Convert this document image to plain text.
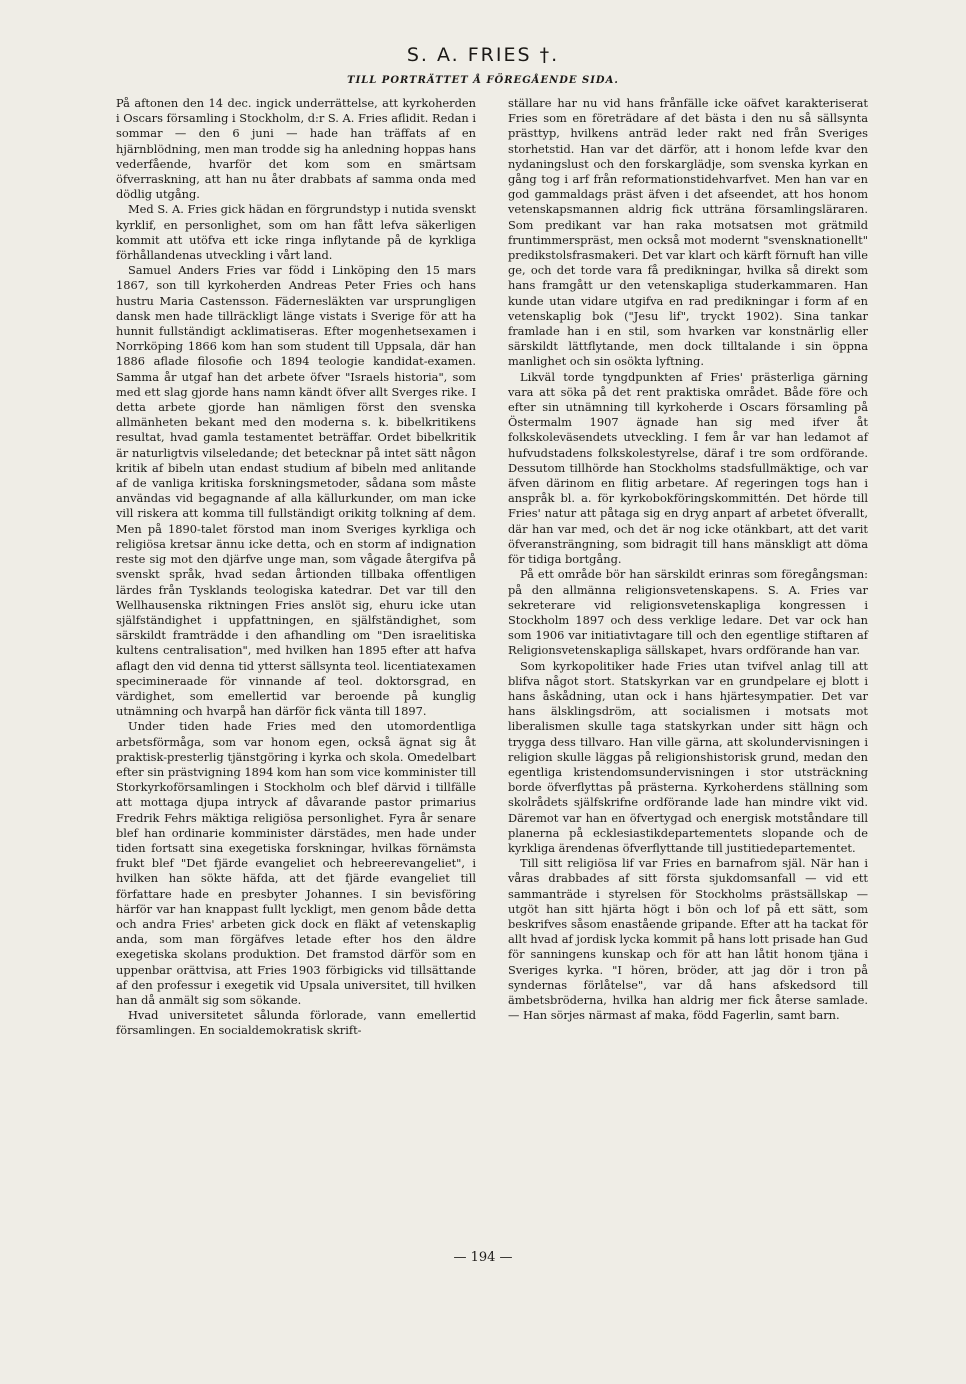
S. A. FRIES †.
TILL PORTRÄTTET Å FÖREGÅENDE SIDA.

På aftonen den 14 dec. ingick underrättelse, att kyrkoherden i Oscars församling i Stockholm, d:r S. A. Fries aflidit. Redan i sommar — den 6 juni — hade han träffats af en hjärnblödning, men man trodde sig ha anledning hoppas hans vederfående, hvarför det kom som en smärtsam öfverraskning, att han nu åter drabbats af samma onda med dödlig utgång.

Med S. A. Fries gick hädan en förgrundstyp i nutida svenskt kyrklif, en personlighet, som om han fått lefva säkerligen kommit att utöfva ett icke ringa inflytande på de kyrkliga förhållandenas utveckling i vårt land.

Samuel Anders Fries var född i Linköping den 15 mars 1867, son till kyrkoherden Andreas Peter Fries och hans hustru Maria Castensson. Fädernesläkten var ursprungligen dansk men hade tillräckligt länge vistats i Sverige för att ha hunnit fullständigt acklimatiseras. Efter mogenhetsexamen i Norrköping 1866 kom han som student till Uppsala, där han 1886 aflade filosofie och 1894 teologie kandidat-examen. Samma år utgaf han det arbete öfver "Israels historia", som med ett slag gjorde hans namn kändt öfver allt Sverges rike. I detta arbete gjorde han nämligen först den svenska allmänheten bekant med den moderna s. k. bibelkritikens resultat, hvad gamla testamentet beträffar. Ordet bibelkritik är naturligtvis vilseledande; det betecknar på intet sätt någon kritik af bibeln utan endast studium af bibeln med anlitande af de vanliga kritiska forskningsmetoder, sådana som måste användas vid begagnande af alla källurkunder, om man icke vill riskera att komma till fullständigt orikitg tolkning af dem. Men på 1890-talet förstod man inom Sveriges kyrkliga och religiösa kretsar ännu icke detta, och en storm af indignation reste sig mot den djärfve unge man, som vågade återgifva på svenskt språk, hvad sedan årtionden tillbaka offentligen lärdes från Tysklands teologiska katedrar. Det var till den Wellhausenska riktningen Fries anslöt sig, ehuru icke utan själfständighet i uppfattningen, en själfständighet, som särskildt framträdde i den afhandling om "Den israelitiska kultens centralisation", med hvilken han 1895 efter att hafva aflagt den vid denna tid ytterst sällsynta teol. licentiatexamen specimineraade för vinnande af teol. doktorsgrad, en värdighet, som emellertid var beroende på kunglig utnämning och hvarpå han därför fick vänta till 1897.

Under tiden hade Fries med den utomordentliga arbetsförmåga, som var honom egen, också ägnat sig åt praktisk-presterlig tjänstgöring i kyrka och skola. Omedelbart efter sin prästvigning 1894 kom han som vice komminister till Storkyrkoförsamlingen i Stockholm och blef därvid i tillfälle att mottaga djupa intryck af dåvarande pastor primarius Fredrik Fehrs mäktiga religiösa personlighet. Fyra år senare blef han ordinarie komminister därstädes, men hade under tiden fortsatt sina exegetiska forskningar, hvilkas förnämsta frukt blef "Det fjärde evangeliet och hebreerevangeliet", i hvilken han sökte häfda, att det fjärde evangeliet till författare hade en presbyter Johannes. I sin bevisföring härför var han knappast fullt lyckligt, men genom både detta och andra Fries' arbeten gick dock en fläkt af vetenskaplig anda, som man förgäfves letade efter hos den äldre exegetiska skolans produktion. Det framstod därför som en uppenbar orättvisa, att Fries 1903 förbigicks vid tillsättande af den professur i exegetik vid Upsala universitet, till hvilken han då anmält sig som sökande.

Hvad universitetet sålunda förlorade, vann emellertid församlingen. En socialdemokratisk skrift-

ställare har nu vid hans frånfälle icke oäfvet karakteriserat Fries som en företrädare af det bästa i den nu så sällsynta prästtyp, hvilkens anträd leder rakt ned från Sveriges storhetstid. Han var det därför, att i honom lefde kvar den nydaningslust och den forskarglädje, som svenska kyrkan en gång tog i arf från reformationstidehvarfvet. Men han var en god gammaldags präst äfven i det afseendet, att hos honom vetenskapsmannen aldrig fick utträna församlingsläraren. Som predikant var han raka motsatsen mot grätmild fruntimmerspräst, men också mot modernt "svensknationellt" predikstolsfrasmakeri. Det var klart och kärft förnuft han ville ge, och det torde vara få predikningar, hvilka så direkt som hans framgått ur den vetenskapliga studerkammaren. Han kunde utan vidare utgifva en rad predikningar i form af en vetenskaplig bok ("Jesu lif", tryckt 1902). Sina tankar framlade han i en stil, som hvarken var konstnärlig eller särskildt lättflytande, men dock tilltalande i sin öppna manlighet och sin osökta lyftning.

Likväl torde tyngdpunkten af Fries' prästerliga gärning vara att söka på det rent praktiska området. Både före och efter sin utnämning till kyrkoherde i Oscars församling på Östermalm 1907 ägnade han sig med ifver åt folkskoleväsendets utveckling. I fem år var han ledamot af hufvudstadens folkskolestyrelse, däraf i tre som ordförande. Dessutom tillhörde han Stockholms stadsfullmäktige, och var äfven därinom en flitig arbetare. Af regeringen togs han i anspråk bl. a. för kyrkobokföringskommittén. Det hörde till Fries' natur att påtaga sig en dryg anpart af arbetet öfverallt, där han var med, och det är nog icke otänkbart, att det varit öfveransträngning, som bidragit till hans mänskligt att döma för tidiga bortgång.

På ett område bör han särskildt erinras som föregångsman: på den allmänna religionsvetenskapens. S. A. Fries var sekreterare vid religionsvetenskapliga kongressen i Stockholm 1897 och dess verklige ledare. Det var ock han som 1906 var initiativtagare till och den egentlige stiftaren af Religionsvetenskapliga sällskapet, hvars ordförande han var.

Som kyrkopolitiker hade Fries utan tvifvel anlag till att blifva något stort. Statskyrkan var en grundpelare ej blott i hans åskådning, utan ock i hans hjärtesympatier. Det var hans älsklingsdröm, att socialismen i motsats mot liberalismen skulle taga statskyrkan under sitt hägn och trygga dess tillvaro. Han ville gärna, att skolundervisningen i religion skulle läggas på religionshistorisk grund, medan den egentliga kristendomsundervisningen i stor utsträckning borde öfverflyttas på prästerna. Kyrkoherdens ställning som skolrådets själfskrifne ordförande lade han mindre vikt vid. Däremot var han en öfvertygad och energisk motståndare till planerna på ecklesiastikdepartementets slopande och de kyrkliga ärendenas öfverflyttande till justitiedepartementet.

Till sitt religiösa lif var Fries en barnafrom själ. När han i våras drabbades af sitt första sjukdomsanfall — vid ett sammanträde i styrelsen för Stockholms prästsällskap — utgöt han sitt hjärta högt i bön och lof på ett sätt, som beskrifves såsom enastående gripande. Efter att ha tackat för allt hvad af jordisk lycka kommit på hans lott prisade han Gud för sanningens kunskap och för att han låtit honom tjäna i Sveriges kyrka. "I hören, bröder, att jag dör i tron på syndernas förlåtelse", var då hans afskedsord till ämbetsbröderna, hvilka han aldrig mer fick återse samlade. — Han sörjes närmast af maka, född Fagerlin, samt barn.

— 194 —
